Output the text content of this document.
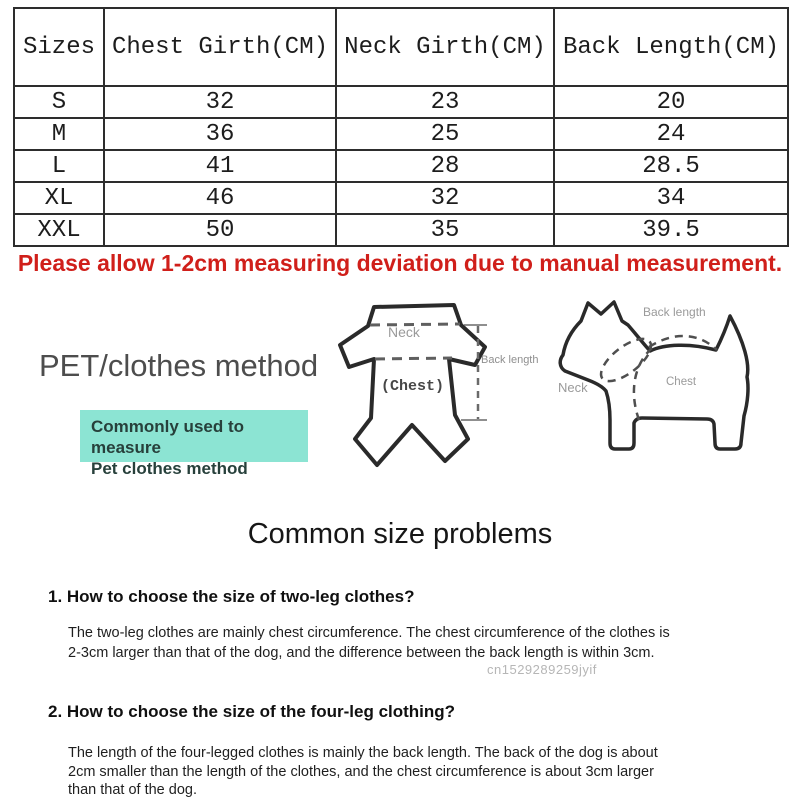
Sizes	Chest Girth(CM)	Neck Girth(CM)	Back Length(CM)
S	32	23	20
M	36	25	24
L	41	28	28.5
XL	46	32	34
XXL	50	35	39.5
Please allow 1-2cm measuring deviation due to manual measurement.
PET/clothes method
Commonly used to measure
Pet clothes method
Neck
(Chest)
Back length
Back length
Neck	Chest
Common size problems
1. How to choose the size of two-leg clothes?
The two-leg clothes are mainly chest circumference. The chest circumference of the clothes is 2-3cm larger than that of the dog, and the difference between the back length is within 3cm.
cn1529289259jyif
2. How to choose the size of the four-leg clothing?
The length of the four-legged clothes is mainly the back length. The back of the dog is about 2cm smaller than the length of the clothes, and the chest circumference is about 3cm larger than that of the dog.
